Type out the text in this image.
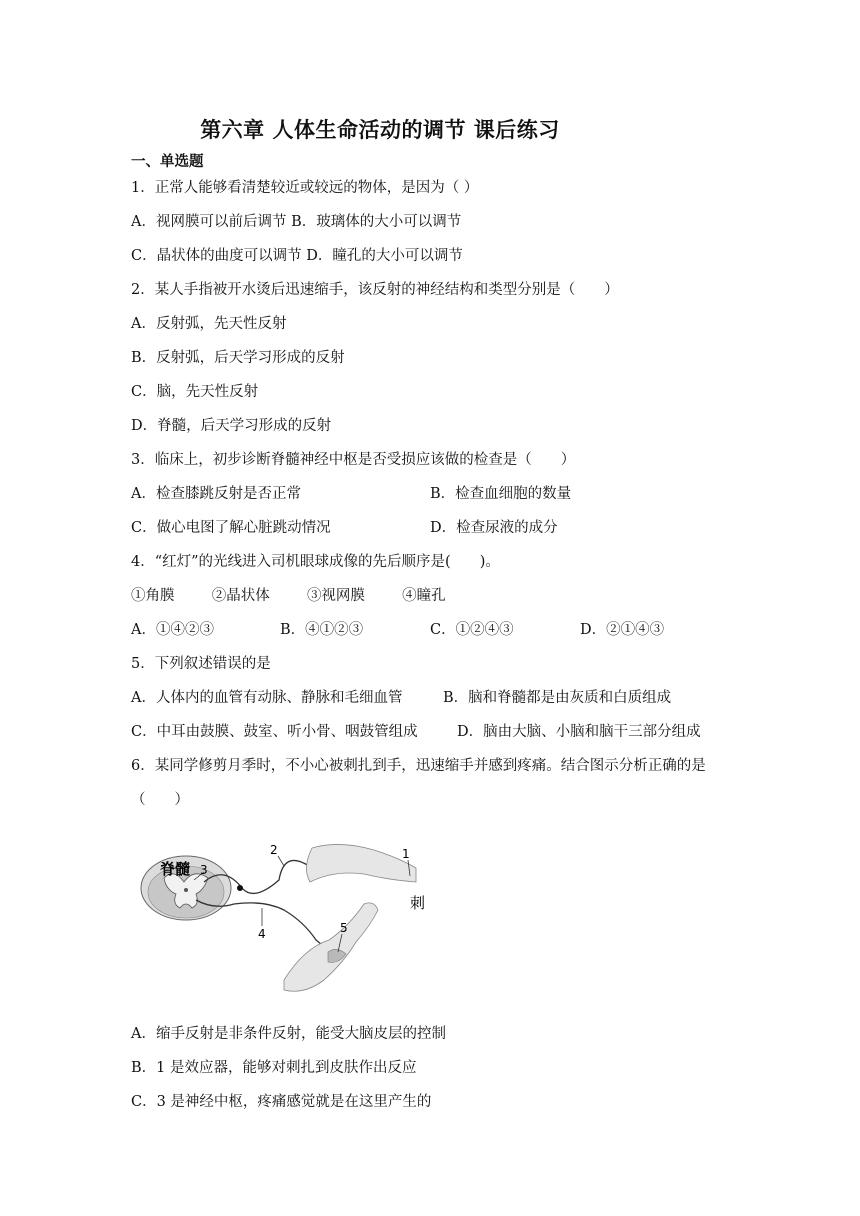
第六章 人体生命活动的调节 课后练习
一、单选题
1．正常人能够看清楚较近或较远的物体，是因为（ ）
A．视网膜可以前后调节 B．玻璃体的大小可以调节
C．晶状体的曲度可以调节 D．瞳孔的大小可以调节
2．某人手指被开水烫后迅速缩手，该反射的神经结构和类型分别是（　　）
A．反射弧，先天性反射
B．反射弧，后天学习形成的反射
C．脑，先天性反射
D．脊髓，后天学习形成的反射
3．临床上，初步诊断脊髓神经中枢是否受损应该做的检查是（　　）
A．检查膝跳反射是否正常	B．检查血细胞的数量
C．做心电图了解心脏跳动情况	D．检查尿液的成分
4．“红灯”的光线进入司机眼球成像的先后顺序是(　　)。
①角膜	②晶状体	③视网膜	④瞳孔
A．①④②③	B．④①②③	C．①②④③	D．②①④③
5．下列叙述错误的是
A．人体内的血管有动脉、静脉和毛细血管	B．脑和脊髓都是由灰质和白质组成
C．中耳由鼓膜、鼓室、听小骨、咽鼓管组成	D．脑由大脑、小脑和脑干三部分组成
6．某同学修剪月季时，不小心被刺扎到手，迅速缩手并感到疼痛。结合图示分析正确的是
（　　）
脊髓 3
2	1
刺
4	5
A．缩手反射是非条件反射，能受大脑皮层的控制
B．1 是效应器，能够对刺扎到皮肤作出反应
C．3 是神经中枢，疼痛感觉就是在这里产生的
